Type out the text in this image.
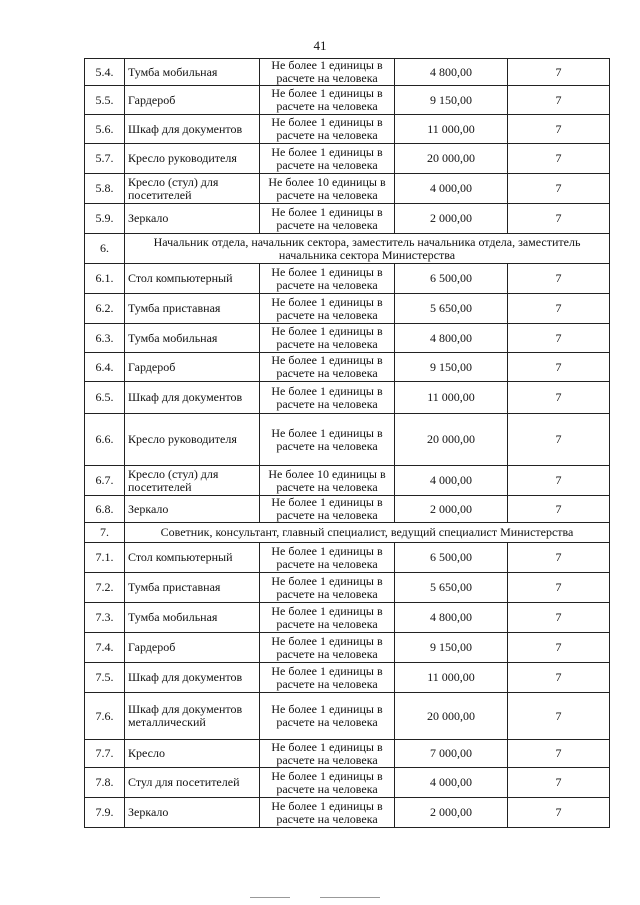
41
5.4.	Тумба мобильная	Не более 1 единицы в расчете на человека	4 800,00	7
5.5.	Гардероб	Не более 1 единицы в расчете на человека	9 150,00	7
5.6.	Шкаф для документов	Не более 1 единицы в расчете на человека	11 000,00	7
5.7.	Кресло руководителя	Не более 1 единицы в расчете на человека	20 000,00	7
5.8.	Кресло (стул) для посетителей	Не более 10 единицы в расчете на человека	4 000,00	7
5.9.	Зеркало	Не более 1 единицы в расчете на человека	2 000,00	7
6.	Начальник отдела, начальник сектора, заместитель начальника отдела, заместитель начальника сектора Министерства			
6.1.	Стол компьютерный	Не более 1 единицы в расчете на человека	6 500,00	7
6.2.	Тумба приставная	Не более 1 единицы в расчете на человека	5 650,00	7
6.3.	Тумба мобильная	Не более 1 единицы в расчете на человека	4 800,00	7
6.4.	Гардероб	Не более 1 единицы в расчете на человека	9 150,00	7
6.5.	Шкаф для документов	Не более 1 единицы в расчете на человека	11 000,00	7
6.6.	Кресло руководителя	Не более 1 единицы в расчете на человека	20 000,00	7
6.7.	Кресло (стул) для посетителей	Не более 10 единицы в расчете на человека	4 000,00	7
6.8.	Зеркало	Не более 1 единицы в расчете на человека	2 000,00	7
7.	Советник, консультант, главный специалист, ведущий специалист Министерства			
7.1.	Стол компьютерный	Не более 1 единицы в расчете на человека	6 500,00	7
7.2.	Тумба приставная	Не более 1 единицы в расчете на человека	5 650,00	7
7.3.	Тумба мобильная	Не более 1 единицы в расчете на человека	4 800,00	7
7.4.	Гардероб	Не более 1 единицы в расчете на человека	9 150,00	7
7.5.	Шкаф для документов	Не более 1 единицы в расчете на человека	11 000,00	7
7.6.	Шкаф для документов металлический	Не более 1 единицы в расчете на человека	20 000,00	7
7.7.	Кресло	Не более 1 единицы в расчете на человека	7 000,00	7
7.8.	Стул для посетителей	Не более 1 единицы в расчете на человека	4 000,00	7
7.9.	Зеркало	Не более 1 единицы в расчете на человека	2 000,00	7
